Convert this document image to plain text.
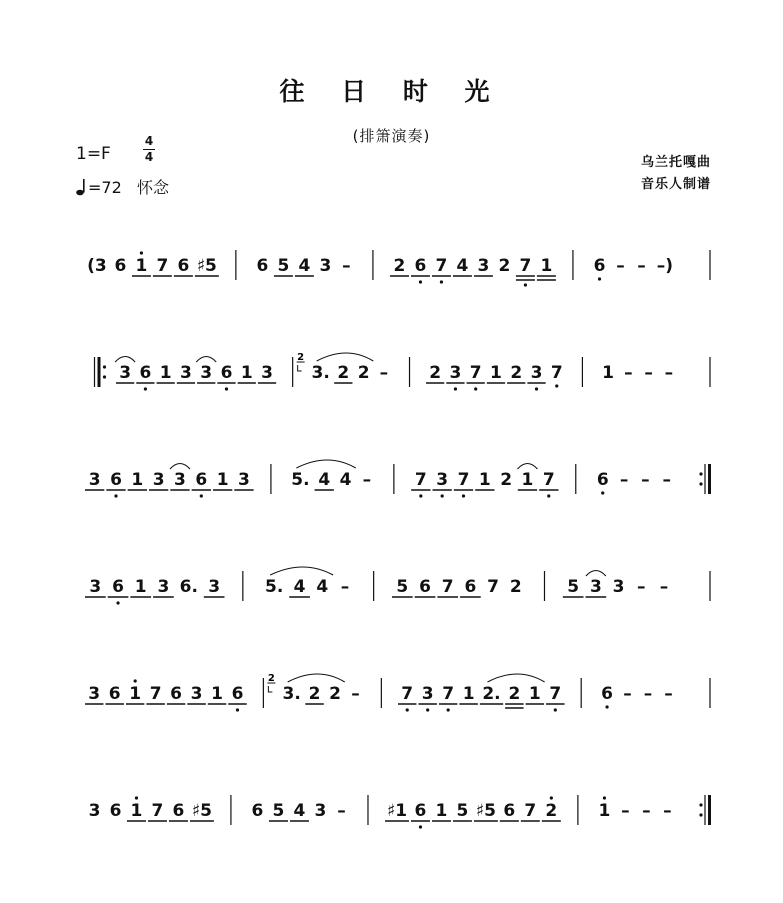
往 日 时 光
(排箫演奏)
1=F
4
4
=72 怀念
乌兰托嘎曲
音乐人制谱
(3 6 1 7 6 ♯5 6 5 4 3 –	2 6 7 4 3 2 7 1 6 – – –)
3 6 1 3 3 6 1 3
2
3. 2 2 – 2 3 7 1 2 3 7 1 – – –
3 6 1 3 3 6 1 3 5. 4 4 –	7 3 7 1 2 1 7 6 – – –
3 6 1 3 6. 3	5. 4 4 –	5 6 7 6 7 2	5 3 3 – –
3 6 1 7 6 3 1 6
2
3. 2 2 – 7 3 7 1 2. 2 1 7 6 – – –
3 6 1 7 6 ♯5 6 5 4 3 – ♯1 6 1 5 ♯5 6 7 2 1 – – –
